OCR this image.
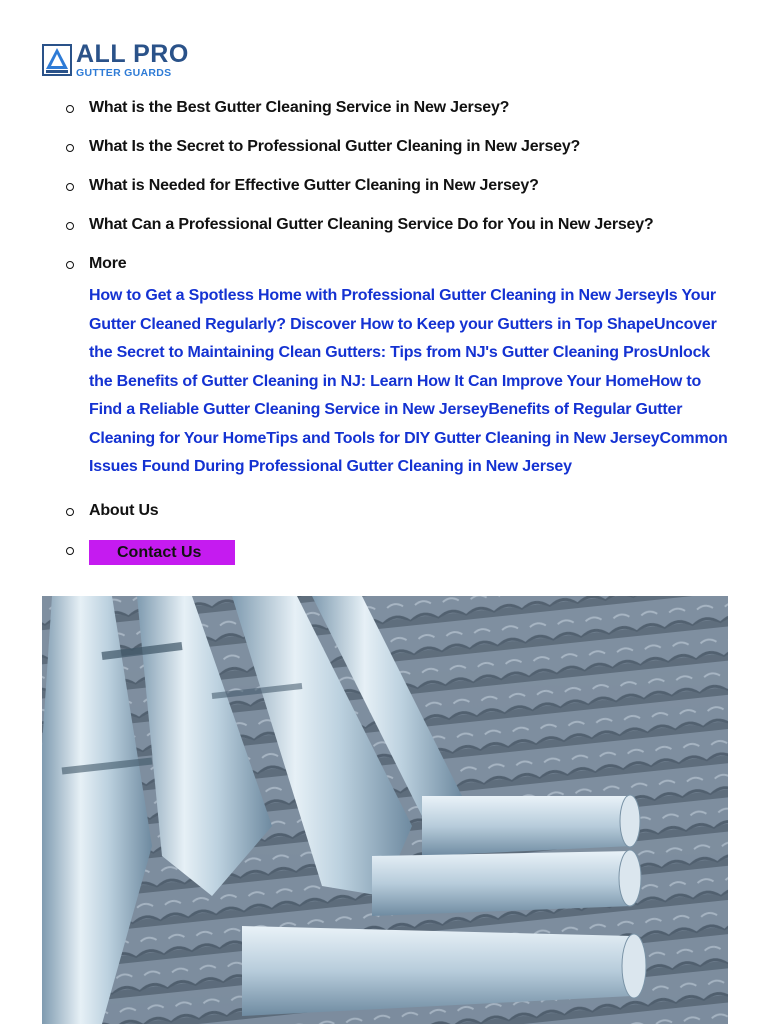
ALL PRO
GUTTER GUARDS
What is the Best Gutter Cleaning Service in New Jersey?
What Is the Secret to Professional Gutter Cleaning in New Jersey?
What is Needed for Effective Gutter Cleaning in New Jersey?
What Can a Professional Gutter Cleaning Service Do for You in New Jersey?
More
How to Get a Spotless Home with Professional Gutter Cleaning in New JerseyIs Your Gutter Cleaned Regularly? Discover How to Keep your Gutters in Top ShapeUncover the Secret to Maintaining Clean Gutters: Tips from NJ's Gutter Cleaning ProsUnlock the Benefits of Gutter Cleaning in NJ: Learn How It Can Improve Your HomeHow to Find a Reliable Gutter Cleaning Service in New JerseyBenefits of Regular Gutter Cleaning for Your HomeTips and Tools for DIY Gutter Cleaning in New JerseyCommon Issues Found During Professional Gutter Cleaning in New Jersey
About Us
Contact Us
